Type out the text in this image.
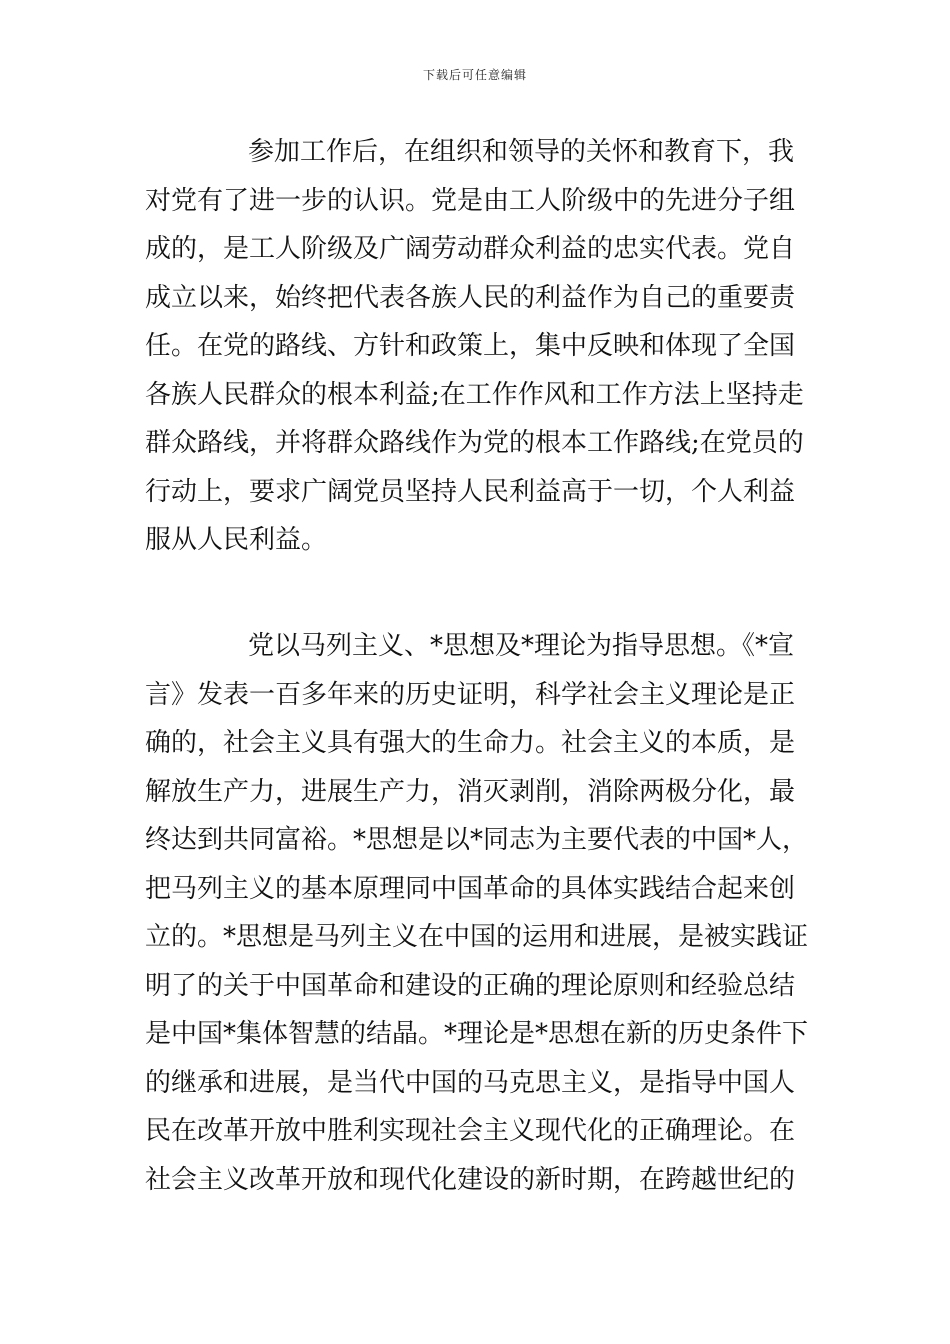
下载后可任意编辑

参加工作后，在组织和领导的关怀和教育下，我
对党有了进一步的认识。党是由工人阶级中的先进分子组
成的，是工人阶级及广阔劳动群众利益的忠实代表。党自
成立以来，始终把代表各族人民的利益作为自己的重要责
任。在党的路线、方针和政策上，集中反映和体现了全国
各族人民群众的根本利益;在工作作风和工作方法上坚持走
群众路线，并将群众路线作为党的根本工作路线;在党员的
行动上，要求广阔党员坚持人民利益高于一切，个人利益
服从人民利益。

党以马列主义、*思想及*理论为指导思想。《*宣
言》发表一百多年来的历史证明，科学社会主义理论是正
确的，社会主义具有强大的生命力。社会主义的本质，是
解放生产力，进展生产力，消灭剥削，消除两极分化，最
终达到共同富裕。*思想是以*同志为主要代表的中国*人，
把马列主义的基本原理同中国革命的具体实践结合起来创
立的。*思想是马列主义在中国的运用和进展，是被实践证
明了的关于中国革命和建设的正确的理论原则和经验总结
是中国*集体智慧的结晶。*理论是*思想在新的历史条件下
的继承和进展，是当代中国的马克思主义，是指导中国人
民在改革开放中胜利实现社会主义现代化的正确理论。在
社会主义改革开放和现代化建设的新时期，在跨越世纪的
